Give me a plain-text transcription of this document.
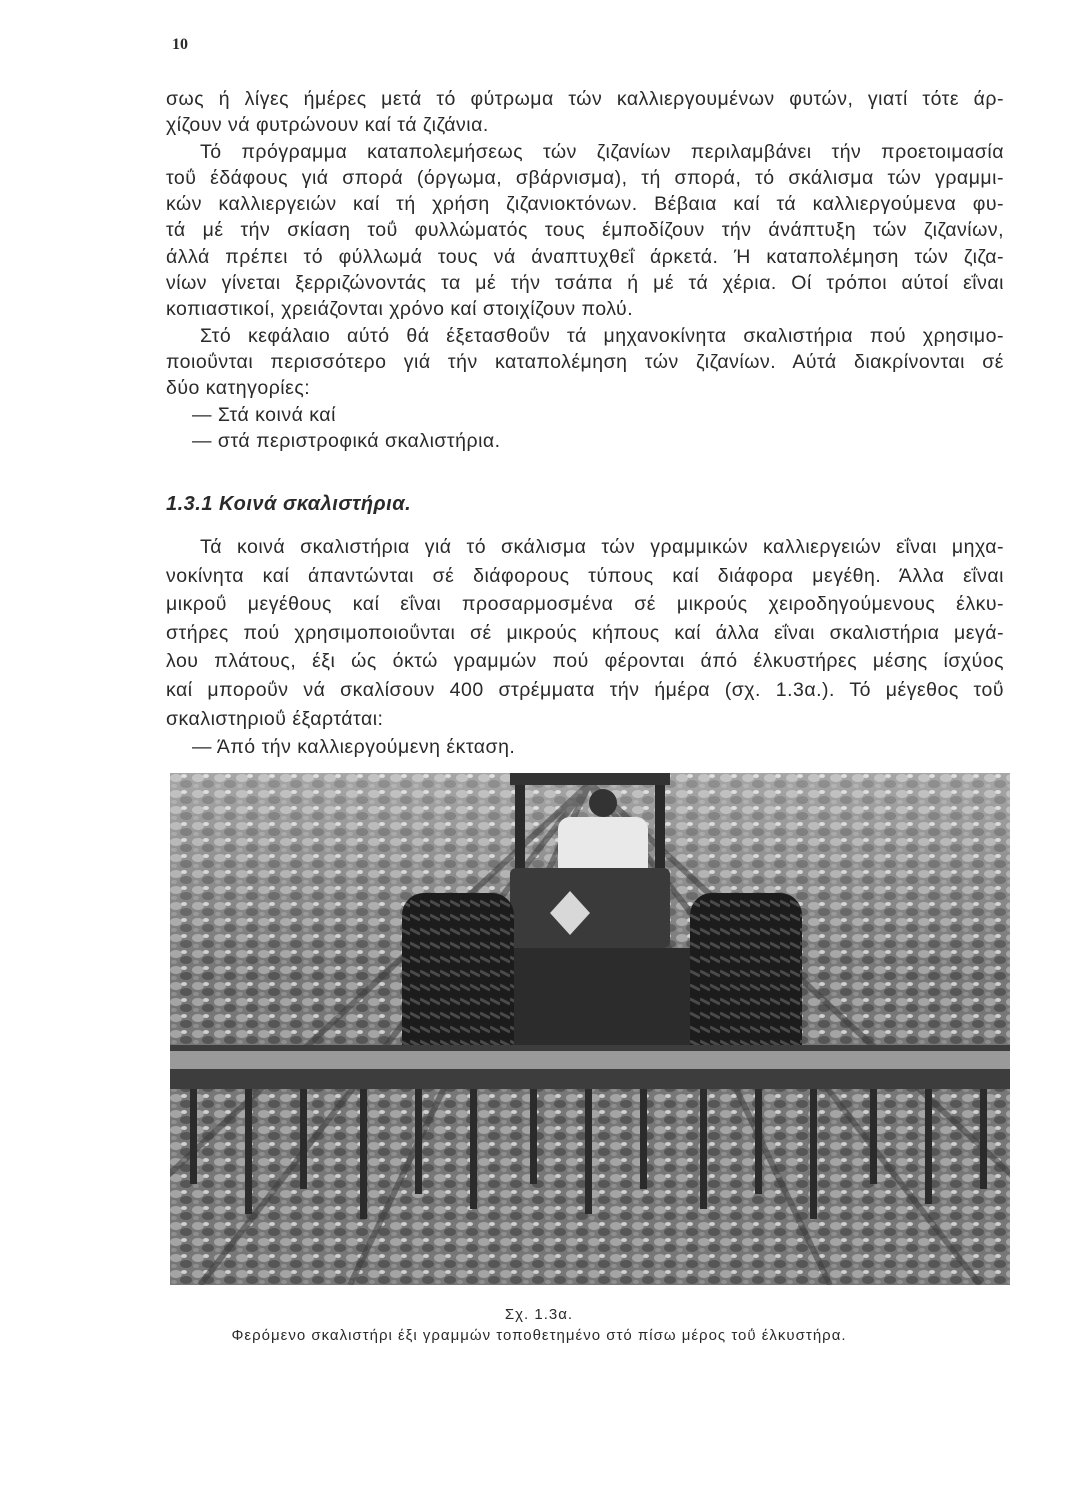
10
σως ή λίγες ήμέρες μετά τό φύτρωμα τών καλλιεργουμένων φυτών, γιατί τότε άρ-
χίζουν νά φυτρώνουν καί τά ζιζάνια.
Τό πρόγραμμα καταπολεμήσεως τών ζιζανίων περιλαμβάνει τήν προετοιμασία
τοΰ έδάφους γιά σπορά (όργωμα, σβάρνισμα), τή σπορά, τό σκάλισμα τών γραμμι-
κών καλλιεργειών καί τή χρήση ζιζανιοκτόνων. Βέβαια καί τά καλλιεργούμενα φυ-
τά μέ τήν σκίαση τοΰ φυλλώματός τους έμποδίζουν τήν άνάπτυξη τών ζιζανίων,
άλλά πρέπει τό φύλλωμά τους νά άναπτυχθεΐ άρκετά. Ή καταπολέμηση τών ζιζα-
νίων γίνεται ξερριζώνοντάς τα μέ τήν τσάπα ή μέ τά χέρια. Οί τρόποι αύτοί εΐναι
κοπιαστικοί, χρειάζονται χρόνο καί στοιχίζουν πολύ.
Στό κεφάλαιο αύτό θά έξετασθοΰν τά μηχανοκίνητα σκαλιστήρια πού χρησιμο-
ποιοΰνται περισσότερο γιά τήν καταπολέμηση τών ζιζανίων. Αύτά διακρίνονται σέ
δύο κατηγορίες:
— Στά κοινά καί
— στά περιστροφικά σκαλιστήρια.
1.3.1 Κοινά σκαλιστήρια.
Τά κοινά σκαλιστήρια γιά τό σκάλισμα τών γραμμικών καλλιεργειών εΐναι μηχα-
νοκίνητα καί άπαντώνται σέ διάφορους τύπους καί διάφορα μεγέθη. Άλλα εΐναι
μικροΰ μεγέθους καί εΐναι προσαρμοσμένα σέ μικρούς χειροδηγούμενους έλκυ-
στήρες πού χρησιμοποιοΰνται σέ μικρούς κήπους καί άλλα εΐναι σκαλιστήρια μεγά-
λου πλάτους, έξι ώς όκτώ γραμμών πού φέρονται άπό έλκυστήρες μέσης ίσχύος
καί μποροΰν νά σκαλίσουν 400 στρέμματα τήν ήμέρα (σχ. 1.3α.). Τό μέγεθος τοΰ
σκαλιστηριοΰ έξαρτάται:
— Άπό τήν καλλιεργούμενη έκταση.
Σχ. 1.3α.
Φερόμενο σκαλιστήρι έξι γραμμών τοποθετημένο στό πίσω μέρος τοΰ έλκυστήρα.
